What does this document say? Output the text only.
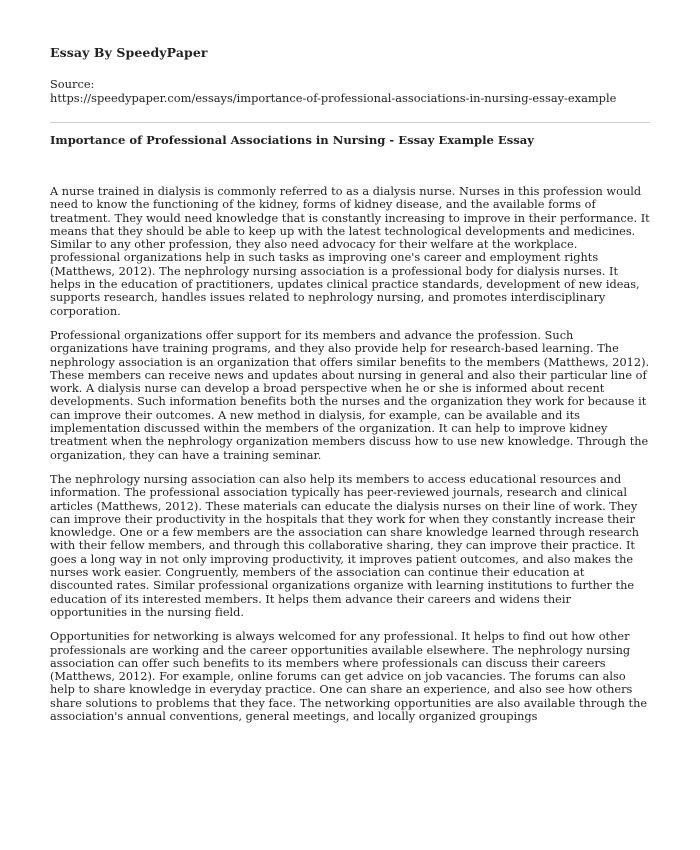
Essay By SpeedyPaper

Source:

https://speedypaper.com/essays/importance-of-professional-associations-in-nursing-essay-example

Importance of Professional Associations in Nursing - Essay Example Essay

A nurse trained in dialysis is commonly referred to as a dialysis nurse. Nurses in this profession would need to know the functioning of the kidney, forms of kidney disease, and the available forms of treatment. They would need knowledge that is constantly increasing to improve in their performance. It means that they should be able to keep up with the latest technological developments and medicines. Similar to any other profession, they also need advocacy for their welfare at the workplace. professional organizations help in such tasks as improving one's career and employment rights (Matthews, 2012). The nephrology nursing association is a professional body for dialysis nurses. It helps in the education of practitioners, updates clinical practice standards, development of new ideas, supports research, handles issues related to nephrology nursing, and promotes interdisciplinary corporation.

Professional organizations offer support for its members and advance the profession. Such organizations have training programs, and they also provide help for research-based learning. The nephrology association is an organization that offers similar benefits to the members (Matthews, 2012). These members can receive news and updates about nursing in general and also their particular line of work. A dialysis nurse can develop a broad perspective when he or she is informed about recent developments. Such information benefits both the nurses and the organization they work for because it can improve their outcomes. A new method in dialysis, for example, can be available and its implementation discussed within the members of the organization. It can help to improve kidney treatment when the nephrology organization members discuss how to use new knowledge. Through the organization, they can have a training seminar.

The nephrology nursing association can also help its members to access educational resources and information. The professional association typically has peer-reviewed journals, research and clinical articles (Matthews, 2012). These materials can educate the dialysis nurses on their line of work. They can improve their productivity in the hospitals that they work for when they constantly increase their knowledge. One or a few members are the association can share knowledge learned through research with their fellow members, and through this collaborative sharing, they can improve their practice. It goes a long way in not only improving productivity, it improves patient outcomes, and also makes the nurses work easier. Congruently, members of the association can continue their education at discounted rates. Similar professional organizations organize with learning institutions to further the education of its interested members. It helps them advance their careers and widens their opportunities in the nursing field.

Opportunities for networking is always welcomed for any professional. It helps to find out how other professionals are working and the career opportunities available elsewhere. The nephrology nursing association can offer such benefits to its members where professionals can discuss their careers (Matthews, 2012). For example, online forums can get advice on job vacancies. The forums can also help to share knowledge in everyday practice. One can share an experience, and also see how others share solutions to problems that they face. The networking opportunities are also available through the association's annual conventions, general meetings, and locally organized groupings
